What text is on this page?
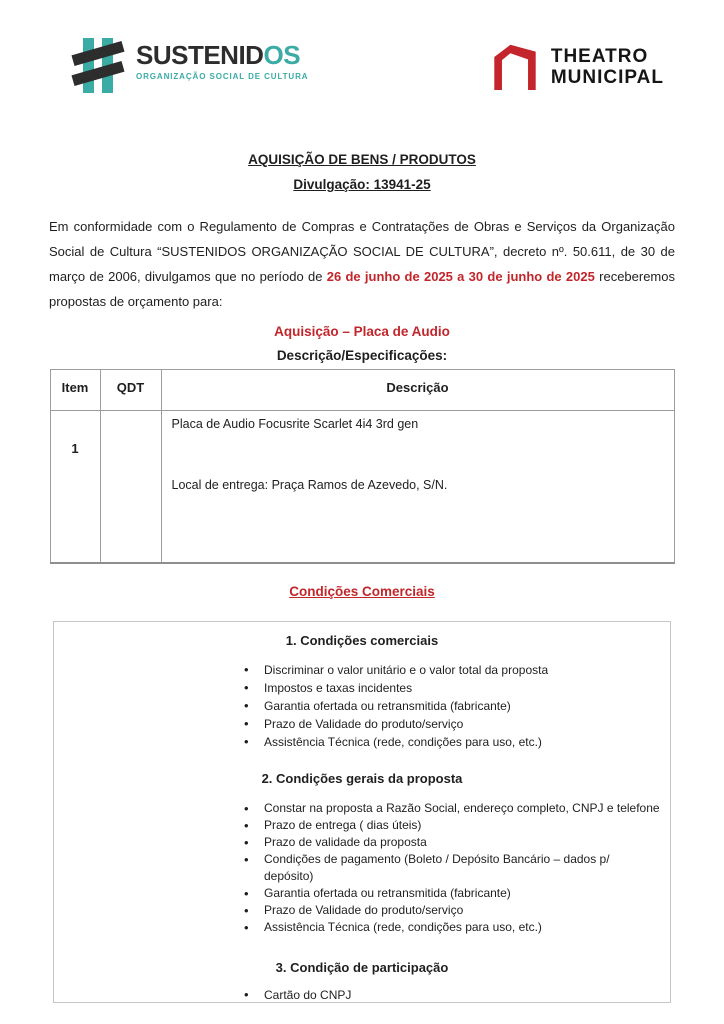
SUSTENIDOS
ORGANIZAÇÃO SOCIAL DE CULTURA
THEATRO
MUNICIPAL
AQUISIÇÃO DE BENS / PRODUTOS
Divulgação: 13941-25

Em conformidade com o Regulamento de Compras e Contratações de Obras e Serviços da Organização Social de Cultura “SUSTENIDOS ORGANIZAÇÃO SOCIAL DE CULTURA”, decreto nº. 50.611, de 30 de março de 2006, divulgamos que no período de 26 de junho de 2025 a 30 de junho de 2025 receberemos propostas de orçamento para:

Aquisição – Placa de Audio
Descrição/Especificações:
Item	QDT	Descrição
1		Placa de Audio Focusrite Scarlet 4i4 3rd gen
Local de entrega: Praça Ramos de Azevedo, S/N.
Condições Comerciais
1. Condições comerciais
• Discriminar o valor unitário e o valor total da proposta
• Impostos e taxas incidentes
• Garantia ofertada ou retransmitida (fabricante)
• Prazo de Validade do produto/serviço
• Assistência Técnica (rede, condições para uso, etc.)
2. Condições gerais da proposta
• Constar na proposta a Razão Social, endereço completo, CNPJ e telefone
• Prazo de entrega ( dias úteis)
• Prazo de validade da proposta
• Condições de pagamento (Boleto / Depósito Bancário – dados p/ depósito)
• Garantia ofertada ou retransmitida (fabricante)
• Prazo de Validade do produto/serviço
• Assistência Técnica (rede, condições para uso, etc.)
3. Condição de participação
• Cartão do CNPJ
